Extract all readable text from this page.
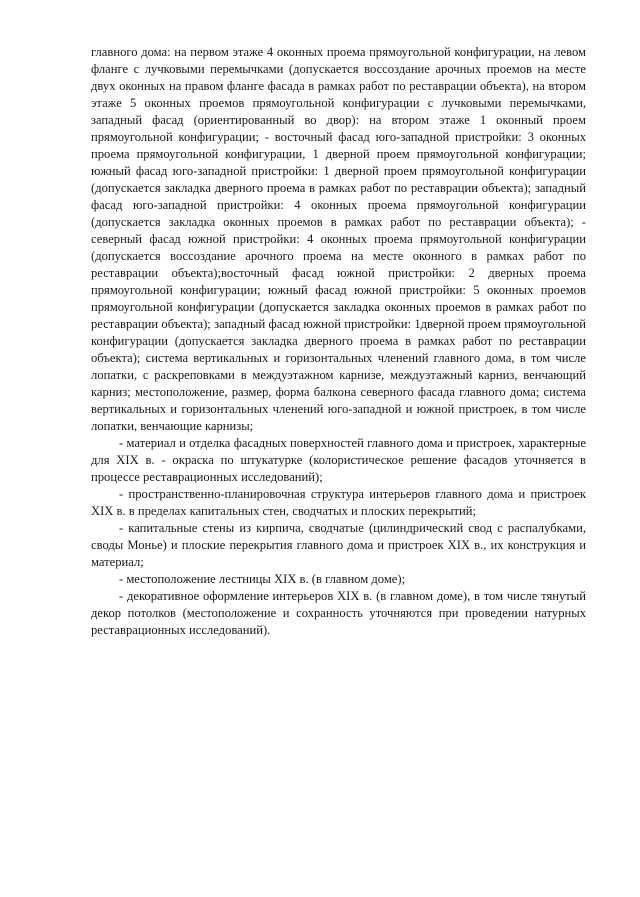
главного дома: на первом этаже 4 оконных проема прямоугольной конфигурации, на левом фланге с лучковыми перемычками (допускается воссоздание арочных проемов на месте двух оконных на правом фланге фасада в рамках работ по реставрации объекта), на втором этаже 5 оконных проемов прямоугольной конфигурации с лучковыми перемычками, западный фасад (ориентированный во двор): на втором этаже 1 оконный проем прямоугольной конфигурации; - восточный фасад юго-западной пристройки: 3 оконных проема прямоугольной конфигурации, 1 дверной проем прямоугольной конфигурации; южный фасад юго-западной пристройки: 1 дверной проем прямоугольной конфигурации (допускается закладка дверного проема в рамках работ по реставрации объекта); западный фасад юго-западной пристройки: 4 оконных проема прямоугольной конфигурации (допускается закладка оконных проемов в рамках работ по реставрации объекта); - северный фасад южной пристройки: 4 оконных проема прямоугольной конфигурации (допускается воссоздание арочного проема на месте оконного в рамках работ по реставрации объекта);восточный фасад южной пристройки: 2 дверных проема прямоугольной конфигурации; южный фасад южной пристройки: 5 оконных проемов прямоугольной конфигурации (допускается закладка оконных проемов в рамках работ по реставрации объекта); западный фасад южной пристройки: 1дверной проем прямоугольной конфигурации (допускается закладка дверного проема в рамках работ по реставрации объекта); система вертикальных и горизонтальных членений главного дома, в том числе лопатки, с раскреповками в междуэтажном карнизе, междуэтажный карниз, венчающий карниз; местоположение, размер, форма балкона северного фасада главного дома; система вертикальных и горизонтальных членений юго-западной и южной пристроек, в том числе лопатки, венчающие карнизы;

- материал и отделка фасадных поверхностей главного дома и пристроек, характерные для XIX в. - окраска по штукатурке (колористическое решение фасадов уточняется в процессе реставрационных исследований);

- пространственно-планировочная структура интерьеров главного дома и пристроек XIX в. в пределах капитальных стен, сводчатых и плоских перекрытий;

- капитальные стены из кирпича, сводчатые (цилиндрический свод с распалубками, своды Монье) и плоские перекрытия главного дома и пристроек XIX в., их конструкция и материал;

- местоположение лестницы XIX в. (в главном доме);

- декоративное оформление интерьеров XIX в. (в главном доме), в том числе тянутый декор потолков (местоположение и сохранность уточняются при проведении натурных реставрационных исследований).
